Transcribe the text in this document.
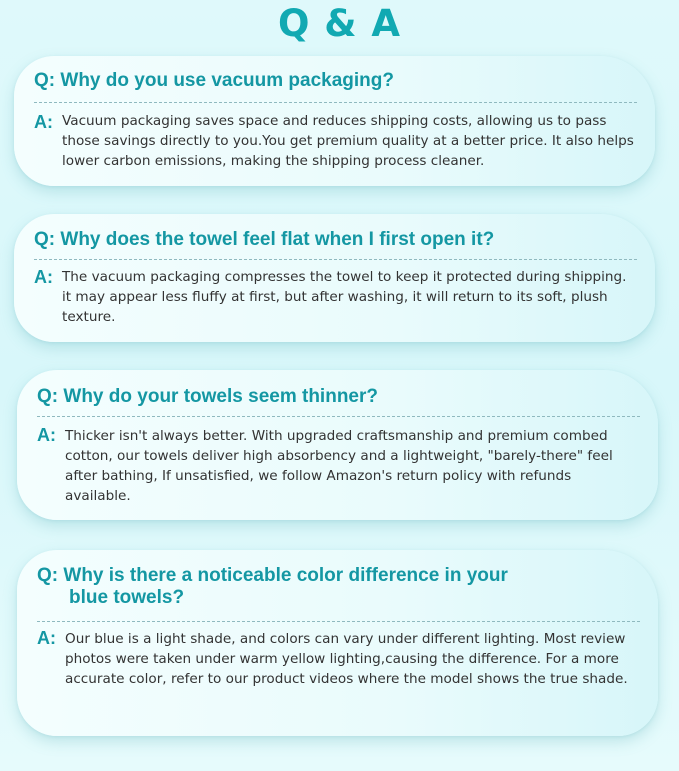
Q & A
Q: Why do you use vacuum packaging?
A: Vacuum packaging saves space and reduces shipping costs, allowing us to pass those savings directly to you.You get premium quality at a better price. It also helps lower carbon emissions, making the shipping process cleaner.
Q: Why does the towel feel flat when I first open it?
A: The vacuum packaging compresses the towel to keep it protected during shipping. it may appear less fluffy at first, but after washing, it will return to its soft, plush texture.
Q: Why do your towels seem thinner?
A: Thicker isn't always better. With upgraded craftsmanship and premium combed cotton, our towels deliver high absorbency and a lightweight, "barely-there" feel after bathing, If unsatisfied, we follow Amazon's return policy with refunds available.
Q: Why is there a noticeable color difference in your
blue towels?
A: Our blue is a light shade, and colors can vary under different lighting. Most review photos were taken under warm yellow lighting,causing the difference. For a more accurate color, refer to our product videos where the model shows the true shade.
